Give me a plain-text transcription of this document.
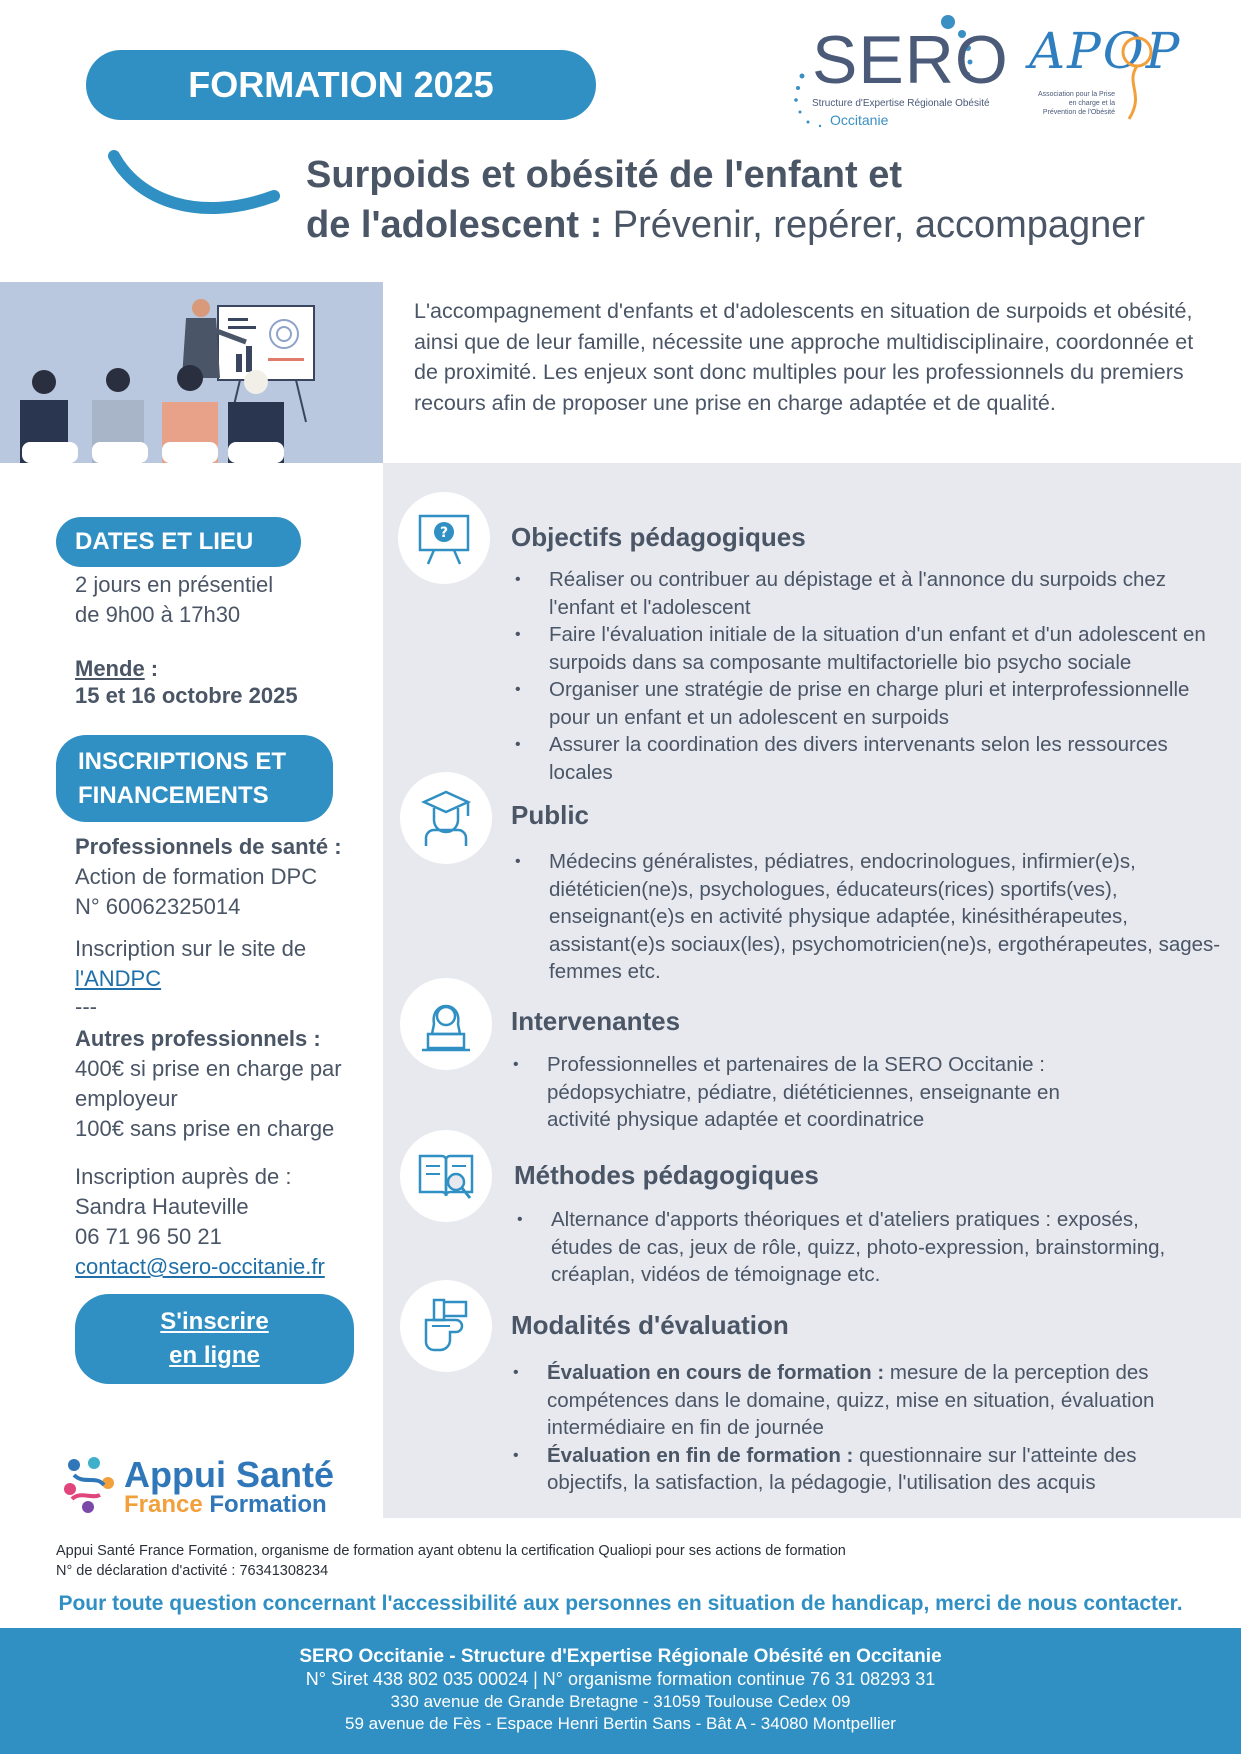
FORMATION 2025	SERO
Structure d'Expertise Régionale Obésité
Occitanie
APOP
Association pour la Prise en charge et la Prévention de l'Obésité
Surpoids et obésité de l'enfant et
de l'adolescent : Prévenir, repérer, accompagner
L'accompagnement d'enfants et d'adolescents en situation de surpoids et obésité, ainsi que de leur famille, nécessite une approche multidisciplinaire, coordonnée et de proximité. Les enjeux sont donc multiples pour les professionnels du premiers recours afin de proposer une prise en charge adaptée et de qualité.
DATES ET LIEU
2 jours en présentiel
de 9h00 à 17h30
Mende :
15 et 16 octobre 2025
INSCRIPTIONS ET
FINANCEMENTS
Professionnels de santé :
Action de formation DPC
N° 60062325014
Inscription sur le site de
l'ANDPC
---
Autres professionnels :
400€ si prise en charge par
employeur
100€ sans prise en charge
Inscription auprès de :
Sandra Hauteville
06 71 96 50 21
contact@sero-occitanie.fr
S'inscrire
en ligne
Appui Santé
France Formation
? Objectifs pédagogiques
• Réaliser ou contribuer au dépistage et à l'annonce du surpoids chez l'enfant et l'adolescent
• Faire l'évaluation initiale de la situation d'un enfant et d'un adolescent en surpoids dans sa composante multifactorielle bio psycho sociale
• Organiser une stratégie de prise en charge pluri et interprofessionnelle pour un enfant et un adolescent en surpoids
• Assurer la coordination des divers intervenants selon les ressources locales
Public
• Médecins généralistes, pédiatres, endocrinologues, infirmier(e)s, diététicien(ne)s, psychologues, éducateurs(rices) sportifs(ves), enseignant(e)s en activité physique adaptée, kinésithérapeutes, assistant(e)s sociaux(les), psychomotricien(ne)s, ergothérapeutes, sages-femmes etc.
Intervenantes
• Professionnelles et partenaires de la SERO Occitanie : pédopsychiatre, pédiatre, diététiciennes, enseignante en activité physique adaptée et coordinatrice
Méthodes pédagogiques
• Alternance d'apports théoriques et d'ateliers pratiques : exposés, études de cas, jeux de rôle, quizz, photo-expression, brainstorming, créaplan, vidéos de témoignage etc.
Modalités d'évaluation
• Évaluation en cours de formation : mesure de la perception des compétences dans le domaine, quizz, mise en situation, évaluation intermédiaire en fin de journée
• Évaluation en fin de formation : questionnaire sur l'atteinte des objectifs, la satisfaction, la pédagogie, l'utilisation des acquis
Appui Santé France Formation, organisme de formation ayant obtenu la certification Qualiopi pour ses actions de formation
N° de déclaration d'activité : 76341308234
Pour toute question concernant l'accessibilité aux personnes en situation de handicap, merci de nous contacter.
SERO Occitanie - Structure d'Expertise Régionale Obésité en Occitanie
N° Siret 438 802 035 00024 | N° organisme formation continue 76 31 08293 31
330 avenue de Grande Bretagne - 31059 Toulouse Cedex 09
59 avenue de Fès - Espace Henri Bertin Sans - Bât A - 34080 Montpellier
